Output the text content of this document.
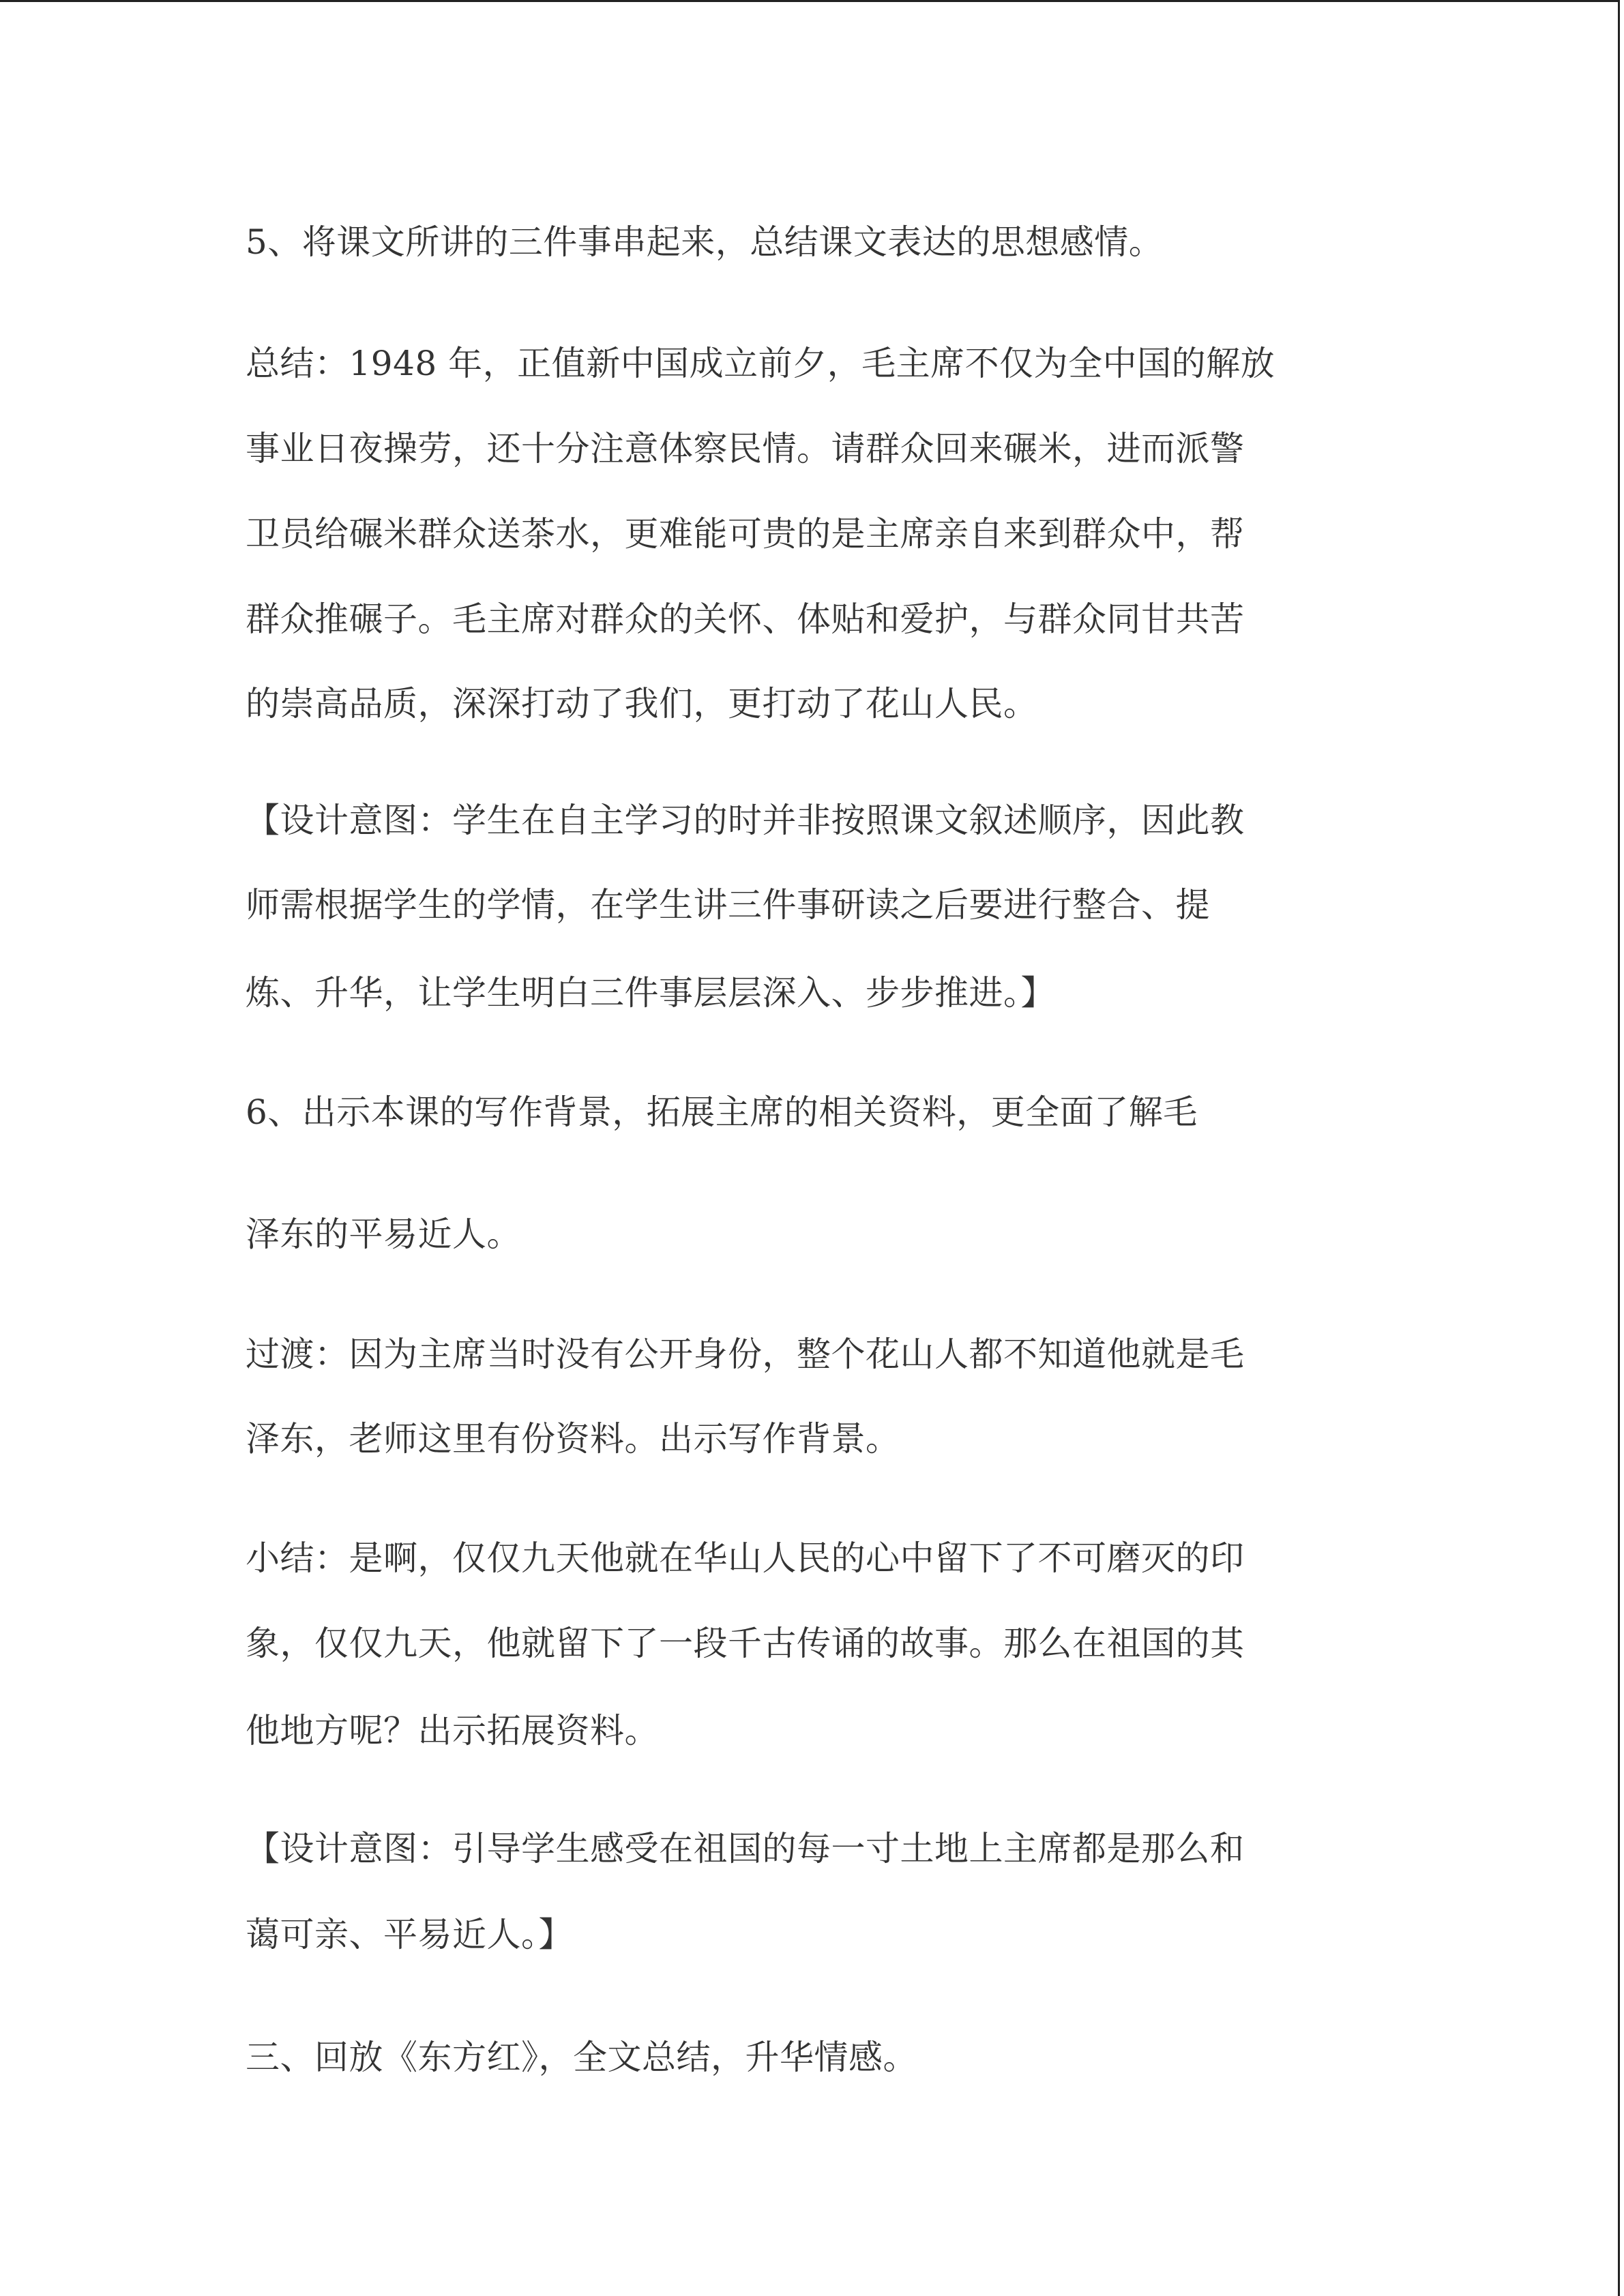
5、将课文所讲的三件事串起来，总结课文表达的思想感情。
总结：1948 年，正值新中国成立前夕，毛主席不仅为全中国的解放
事业日夜操劳，还十分注意体察民情。请群众回来碾米，进而派警
卫员给碾米群众送茶水，更难能可贵的是主席亲自来到群众中，帮
群众推碾子。毛主席对群众的关怀、体贴和爱护，与群众同甘共苦
的崇高品质，深深打动了我们，更打动了花山人民。
【设计意图：学生在自主学习的时并非按照课文叙述顺序，因此教
师需根据学生的学情，在学生讲三件事研读之后要进行整合、提
炼、升华，让学生明白三件事层层深入、步步推进。】
6、出示本课的写作背景，拓展主席的相关资料，更全面了解毛
泽东的平易近人。
过渡：因为主席当时没有公开身份，整个花山人都不知道他就是毛
泽东，老师这里有份资料。出示写作背景。
小结：是啊，仅仅九天他就在华山人民的心中留下了不可磨灭的印
象，仅仅九天，他就留下了一段千古传诵的故事。那么在祖国的其
他地方呢？出示拓展资料。
【设计意图：引导学生感受在祖国的每一寸土地上主席都是那么和
蔼可亲、平易近人。】
三、回放《东方红》，全文总结，升华情感。
